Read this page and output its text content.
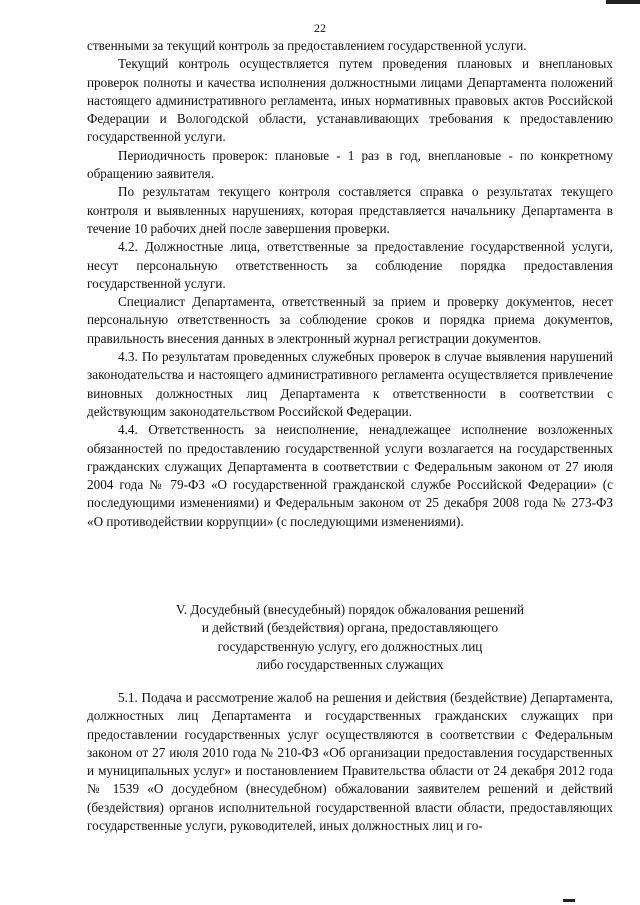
22

ственными за текущий контроль за предоставлением государственной услуги.

Текущий контроль осуществляется путем проведения плановых и внеплановых проверок полноты и качества исполнения должностными лицами Департамента положений настоящего административного регламента, иных нормативных правовых актов Российской Федерации и Вологодской области, устанавливающих требования к предоставлению государственной услуги.

Периодичность проверок: плановые - 1 раз в год, внеплановые - по конкретному обращению заявителя.

По результатам текущего контроля составляется справка о результатах текущего контроля и выявленных нарушениях, которая представляется начальнику Департамента в течение 10 рабочих дней после завершения проверки.

4.2. Должностные лица, ответственные за предоставление государственной услуги, несут персональную ответственность за соблюдение порядка предоставления государственной услуги.

Специалист Департамента, ответственный за прием и проверку документов, несет персональную ответственность за соблюдение сроков и порядка приема документов, правильность внесения данных в электронный журнал регистрации документов.

4.3. По результатам проведенных служебных проверок в случае выявления нарушений законодательства и настоящего административного регламента осуществляется привлечение виновных должностных лиц Департамента к ответственности в соответствии с действующим законодательством Российской Федерации.

4.4. Ответственность за неисполнение, ненадлежащее исполнение возложенных обязанностей по предоставлению государственной услуги возлагается на государственных гражданских служащих Департамента в соответствии с Федеральным законом от 27 июля 2004 года № 79-ФЗ «О государственной гражданской службе Российской Федерации» (с последующими изменениями) и Федеральным законом от 25 декабря 2008 года № 273-ФЗ «О противодействии коррупции» (с последующими изменениями).

V. Досудебный (внесудебный) порядок обжалования решений
и действий (бездействия) органа, предоставляющего
государственную услугу, его должностных лиц
либо государственных служащих

5.1. Подача и рассмотрение жалоб на решения и действия (бездействие) Департамента, должностных лиц Департамента и государственных гражданских служащих при предоставлении государственных услуг осуществляются в соответствии с Федеральным законом от 27 июля 2010 года № 210-ФЗ «Об организации предоставления государственных и муниципальных услуг» и постановлением Правительства области от 24 декабря 2012 года № 1539 «О досудебном (внесудебном) обжаловании заявителем решений и действий (бездействия) органов исполнительной государственной власти области, предоставляющих государственные услуги, руководителей, иных должностных лиц и го-
